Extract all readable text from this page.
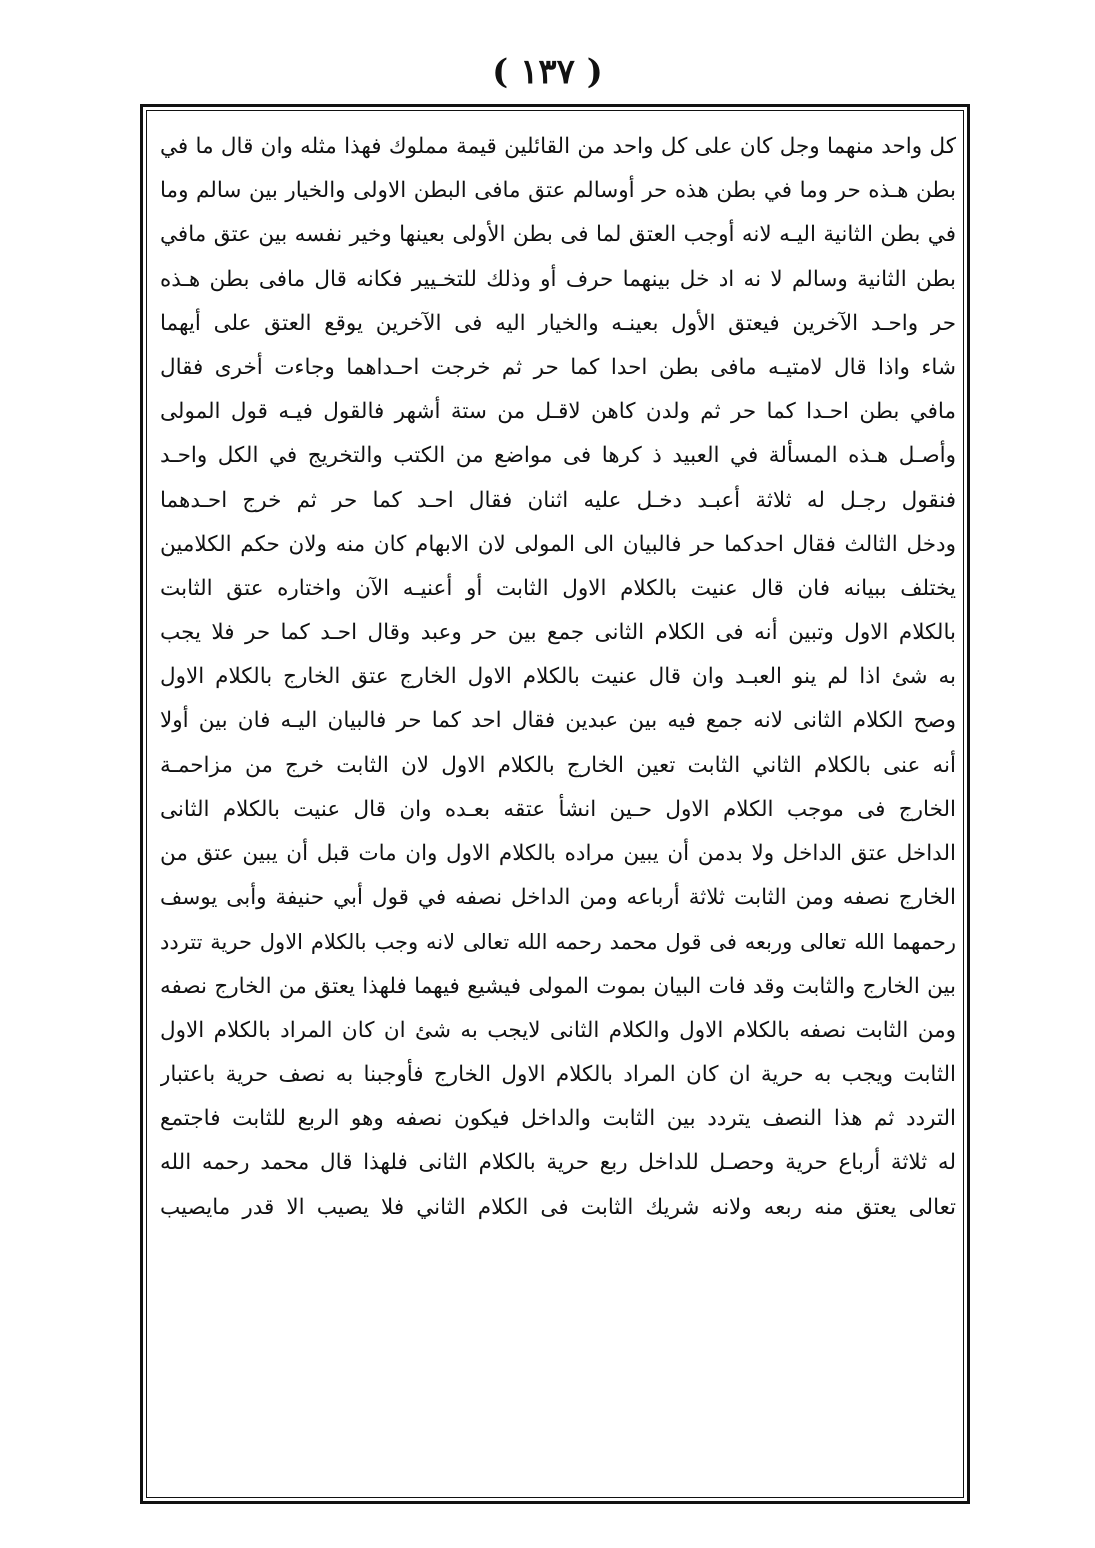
( ١٣٧ )
كل واحد منهما وجل كان على كل واحد من القائلين قيمة مملوك فهذا مثله وان قال ما في
بطن هـذه حر وما في بطن هذه حر أوسالم عتق مافى البطن الاولى والخيار بين سالم وما
في بطن الثانية اليـه لانه أوجب العتق لما فى بطن الأولى بعينها وخير نفسه بين عتق مافي
بطن الثانية وسالم لا نه اد خل بينهما حرف أو وذلك للتخـيير فكانه قال مافى بطن هـذه
حر واحـد الآخرين فيعتق الأول بعينـه والخيار اليه فى الآخرين يوقع العتق على أيهما
شاء واذا قال لامتيـه مافى بطن احدا كما حر ثم خرجت احـداهما وجاءت أخرى فقال
مافي بطن احـدا كما حر ثم ولدن كاهن لاقـل من ستة أشهر فالقول فيـه قول المولى
وأصـل هـذه المسألة في العبيد ذ كرها فى مواضع من الكتب والتخريج في الكل واحـد
فنقول رجـل له ثلاثة أعبـد دخـل عليه اثنان فقال احـد كما حر ثم خرج احـدهما
ودخل الثالث فقال احدكما حر فالبيان الى المولى لان الابهام كان منه ولان حكم الكلامين
يختلف ببيانه فان قال عنيت بالكلام الاول الثابت أو أعنيـه الآن واختاره عتق الثابت
بالكلام الاول وتبين أنه فى الكلام الثانى جمع بين حر وعبد وقال احـد كما حر فلا يجب
به شئ اذا لم ينو العبـد وان قال عنيت بالكلام الاول الخارج عتق الخارج بالكلام الاول
وصح الكلام الثانى لانه جمع فيه بين عبدين فقال احد كما حر فالبيان اليـه فان بين أولا
أنه عنى بالكلام الثاني الثابت تعين الخارج بالكلام الاول لان الثابت خرج من مزاحمـة
الخارج فى موجب الكلام الاول حـين انشأ عتقه بعـده وان قال عنيت بالكلام الثانى
الداخل عتق الداخل ولا بدمن أن يبين مراده بالكلام الاول وان مات قبل أن يبين عتق من
الخارج نصفه ومن الثابت ثلاثة أرباعه ومن الداخل نصفه في قول أبي حنيفة وأبى يوسف
رحمهما الله تعالى وربعه فى قول محمد رحمه الله تعالى لانه وجب بالكلام الاول حرية تتردد
بين الخارج والثابت وقد فات البيان بموت المولى فيشيع فيهما فلهذا يعتق من الخارج نصفه
ومن الثابت نصفه بالكلام الاول والكلام الثانى لايجب به شئ ان كان المراد بالكلام الاول
الثابت ويجب به حرية ان كان المراد بالكلام الاول الخارج فأوجبنا به نصف حرية باعتبار
التردد ثم هذا النصف يتردد بين الثابت والداخل فيكون نصفه وهو الربع للثابت فاجتمع
له ثلاثة أرباع حرية وحصـل للداخل ربع حرية بالكلام الثانى فلهذا قال محمد رحمه الله
تعالى يعتق منه ربعه ولانه شريك الثابت فى الكلام الثاني فلا يصيب الا قدر مايصيب
